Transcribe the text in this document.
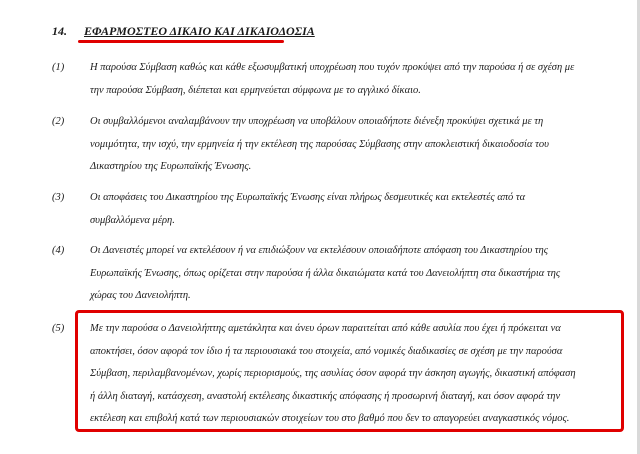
14. ΕΦΑΡΜΟΣΤΕΟ ΔΙΚΑΙΟ ΚΑΙ ΔΙΚΑΙΟΔΟΣΙΑ
(1) Η παρούσα Σύμβαση καθώς και κάθε εξωσυμβατική υποχρέωση που τυχόν προκύψει από την παρούσα ή σε σχέση με
την παρούσα Σύμβαση, διέπεται και ερμηνεύεται σύμφωνα με το αγγλικό δίκαιο.
(2) Οι συμβαλλόμενοι αναλαμβάνουν την υποχρέωση να υποβάλουν οποιαδήποτε διένεξη προκύψει σχετικά με τη
νομιμότητα, την ισχύ, την ερμηνεία ή την εκτέλεση της παρούσας Σύμβασης στην αποκλειστική δικαιοδοσία του
Δικαστηρίου της Ευρωπαϊκής Ένωσης.
(3) Οι αποφάσεις του Δικαστηρίου της Ευρωπαϊκής Ένωσης είναι πλήρως δεσμευτικές και εκτελεστές από τα
συμβαλλόμενα μέρη.
(4) Οι Δανειστές μπορεί να εκτελέσουν ή να επιδιώξουν να εκτελέσουν οποιαδήποτε απόφαση του Δικαστηρίου της
Ευρωπαϊκής Ένωσης, όπως ορίζεται στην παρούσα ή άλλα δικαιώματα κατά του Δανειολήπτη στα δικαστήρια της
χώρας του Δανειολήπτη.
(5) Με την παρούσα ο Δανειολήπτης αμετάκλητα και άνευ όρων παραιτείται από κάθε ασυλία που έχει ή πρόκειται να
αποκτήσει, όσον αφορά τον ίδιο ή τα περιουσιακά του στοιχεία, από νομικές διαδικασίες σε σχέση με την παρούσα
Σύμβαση, περιλαμβανομένων, χωρίς περιορισμούς, της ασυλίας όσον αφορά την άσκηση αγωγής, δικαστική απόφαση
ή άλλη διαταγή, κατάσχεση, αναστολή εκτέλεσης δικαστικής απόφασης ή προσωρινή διαταγή, και όσον αφορά την
εκτέλεση και επιβολή κατά των περιουσιακών στοιχείων του στο βαθμό που δεν το απαγορεύει αναγκαστικός νόμος.
